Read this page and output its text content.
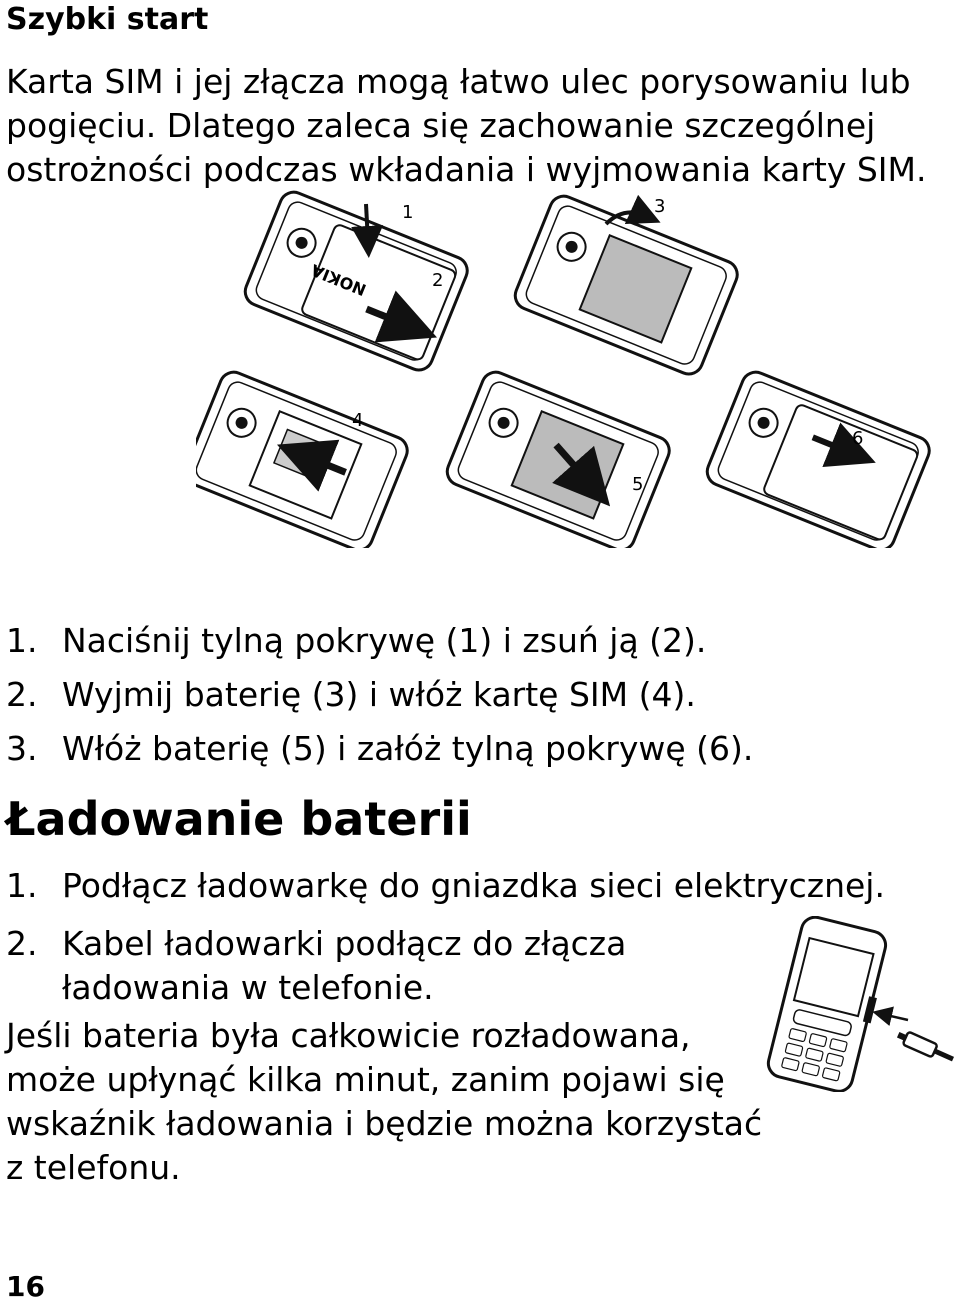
Szybki start

Karta SIM i jej złącza mogą łatwo ulec porysowaniu lub

pogięciu. Dlatego zaleca się zachowanie szczególnej

ostrożności podczas wkładania i wyjmowania karty SIM.

NOKIA
1
2
3
4
5
6
1. Naciśnij tylną pokrywę (1) i zsuń ją (2).
2. Wyjmij baterię (3) i włóż kartę SIM (4).
3. Włóż baterię (5) i załóż tylną pokrywę (6).
Ładowanie baterii
1. Podłącz ładowarkę do gniazdka sieci elektrycznej.
2. Kabel ładowarki podłącz do złącza ładowania w telefonie.

Jeśli bateria była całkowicie rozładowana, może upłynąć kilka minut, zanim pojawi się wskaźnik ładowania i będzie można korzystać z telefonu.

16
